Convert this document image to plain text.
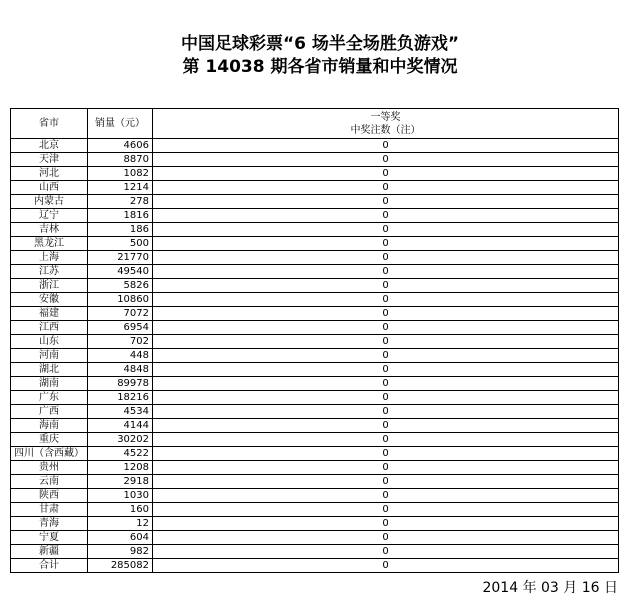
中国足球彩票“6 场半全场胜负游戏”
第 14038 期各省市销量和中奖情况
省市	销量（元）	一等奖
中奖注数（注）

北京	4606	0
天津	8870	0
河北	1082	0
山西	1214	0
内蒙古	278	0
辽宁	1816	0
吉林	186	0
黑龙江	500	0
上海	21770	0
江苏	49540	0
浙江	5826	0
安徽	10860	0
福建	7072	0
江西	6954	0
山东	702	0
河南	448	0
湖北	4848	0
湖南	89978	0
广东	18216	0
广西	4534	0
海南	4144	0
重庆	30202	0
四川（含西藏）	4522	0
贵州	1208	0
云南	2918	0
陕西	1030	0
甘肃	160	0
青海	12	0
宁夏	604	0
新疆	982	0
合计	285082	0
2014 年 03 月 16 日
